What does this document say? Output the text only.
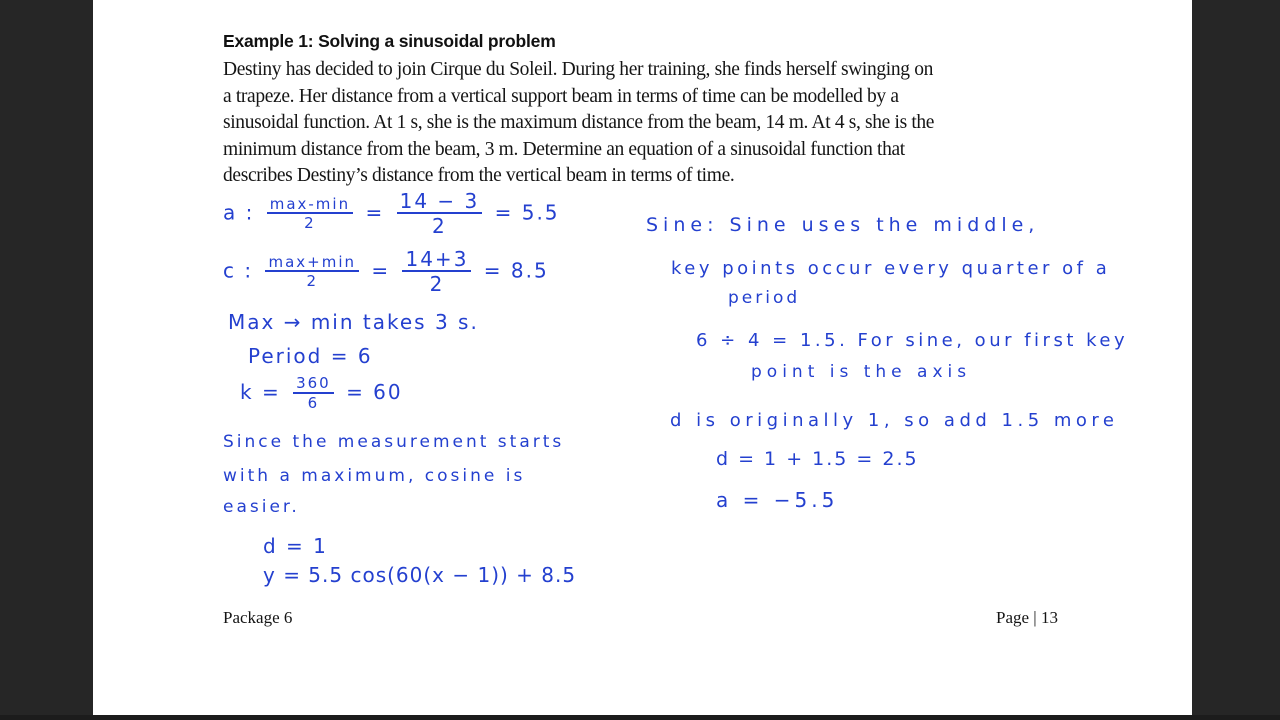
Example 1: Solving a sinusoidal problem

Destiny has decided to join Cirque du Soleil. During her training, she finds herself swinging on

a trapeze. Her distance from a vertical support beam in terms of time can be modelled by a

sinusoidal function. At 1 s, she is the maximum distance from the beam, 14 m. At 4 s, she is the

minimum distance from the beam, 3 m. Determine an equation of a sinusoidal function that

describes Destiny’s distance from the vertical beam in terms of time.

a : $\frac{\max-\min}{2} = \frac{14 - 3}{2} = 5.5$
c : $\frac{\max+\min}{2} = \frac{14+3}{2} = 8.5$
Max → min takes 3 s.
Period = 6
$k = \frac{360}{6} = 60$
Since the measurement starts
with a maximum, cosine is
easier.
d = 1
y = 5.5 cos(60(x − 1)) + 8.5
Sine: Sine uses the middle,
key points occur every quarter of a
period
6 ÷ 4 = 1.5. For sine, our first key
point is the axis
d is originally 1, so add 1.5 more
d = 1 + 1.5 = 2.5
a = −5.5
Package 6	Page | 13
